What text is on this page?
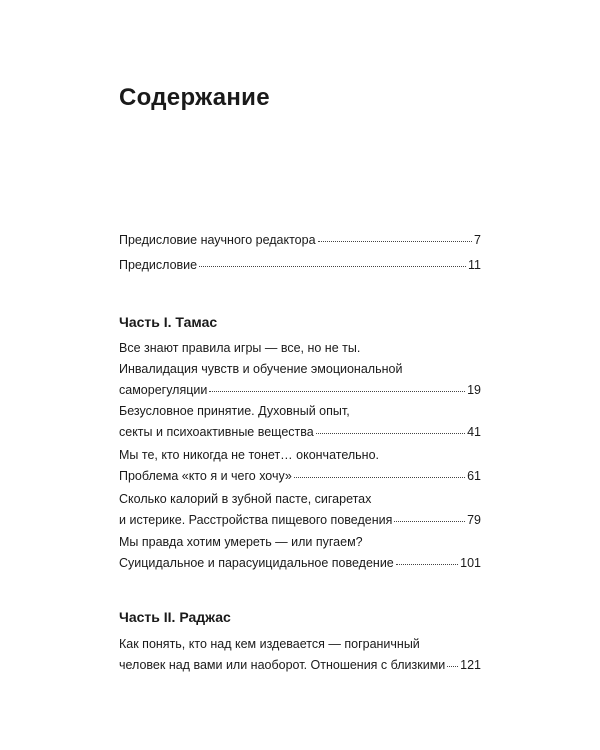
Содержание
Предисловие научного редактора	7
Предисловие	11
Часть I. Тамас
Все знают правила игры — все, но не ты.
Инвалидация чувств и обучение эмоциональной
саморегуляции	19
Безусловное принятие. Духовный опыт,
секты и психоактивные вещества	41
Мы те, кто никогда не тонет… окончательно.
Проблема «кто я и чего хочу»	61
Сколько калорий в зубной пасте, сигаретах
и истерике. Расстройства пищевого поведения	79
Мы правда хотим умереть — или пугаем?
Суицидальное и парасуицидальное поведение	101
Часть II. Раджас
Как понять, кто над кем издевается — пограничный
человек над вами или наоборот. Отношения с близкими 121
